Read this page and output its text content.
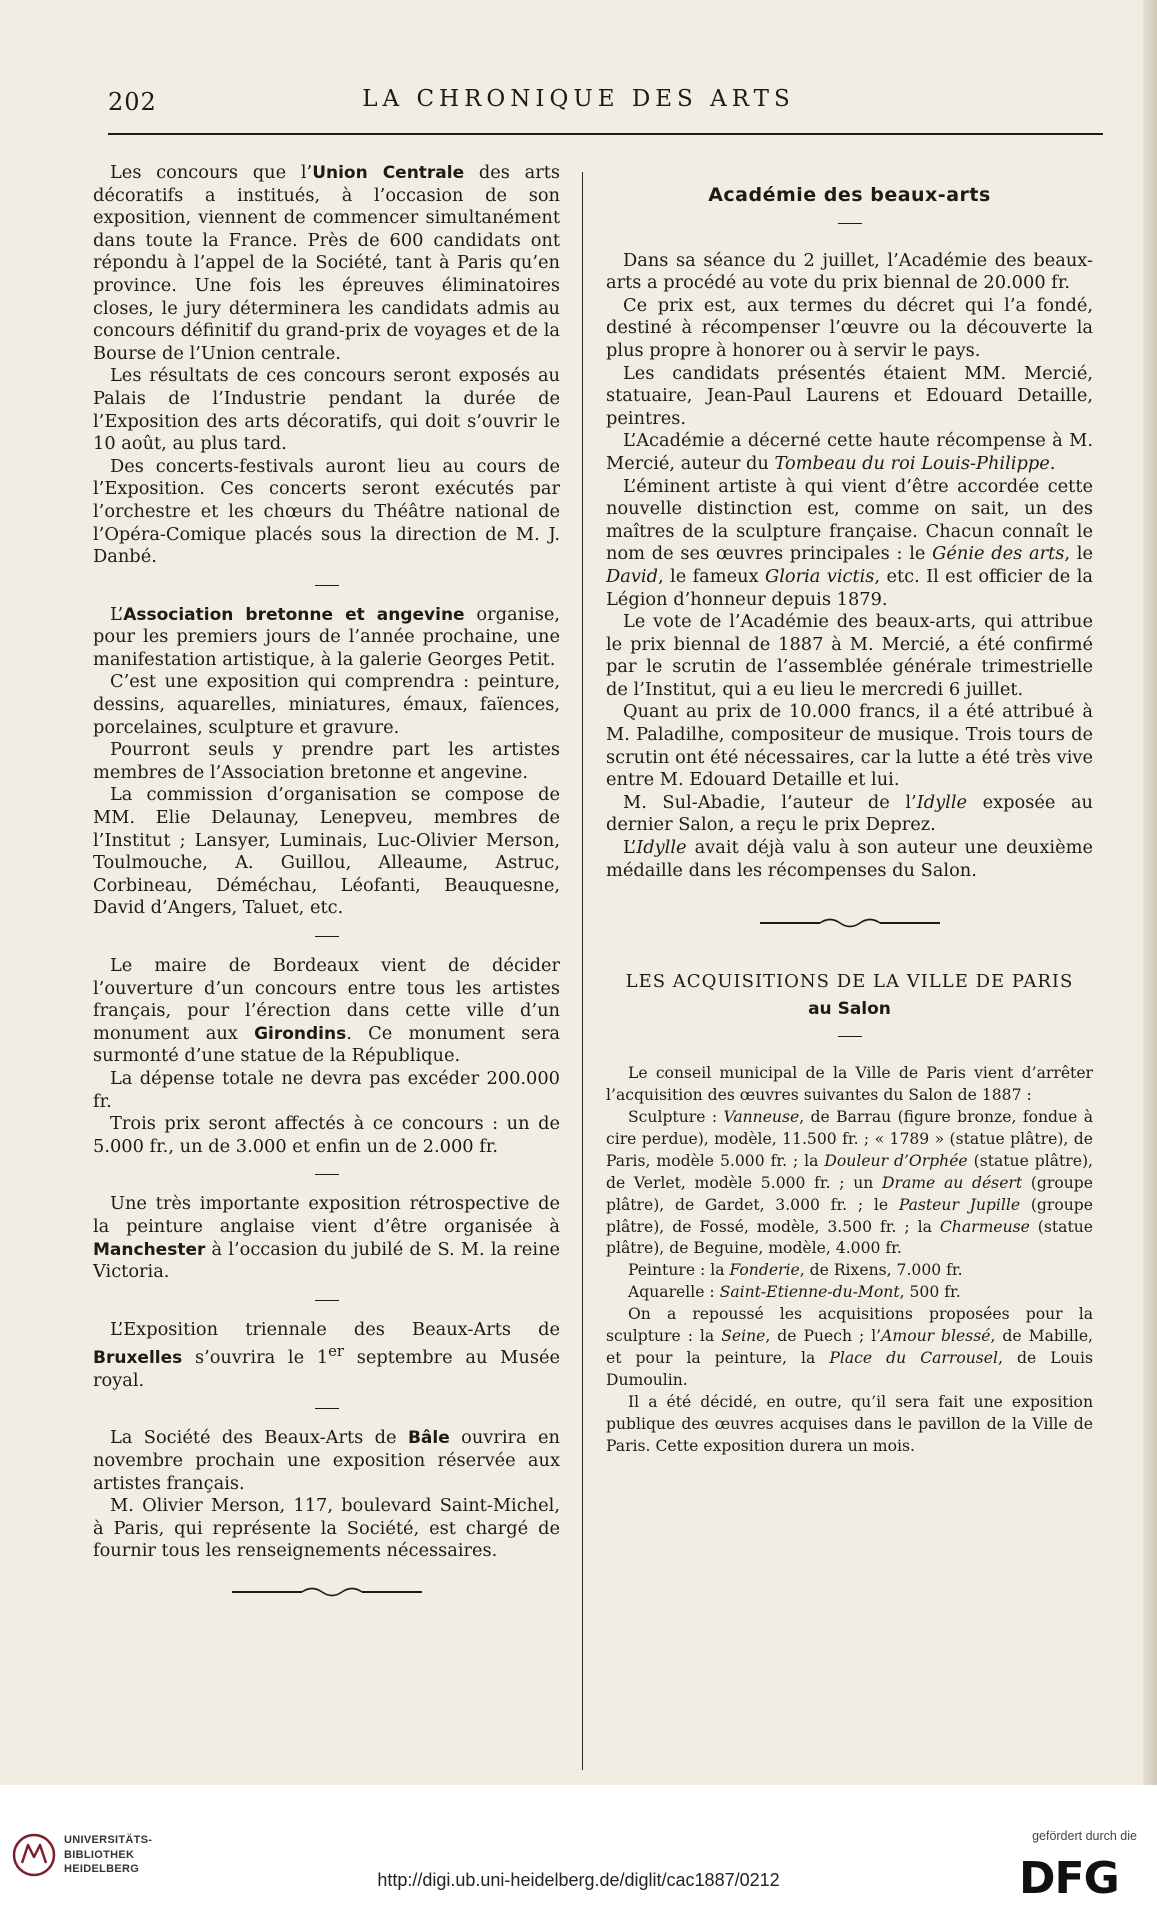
202	LA CHRONIQUE DES ARTS

Les concours que l’Union Centrale des arts décoratifs a institués, à l’occasion de son exposition, viennent de commencer simultanément dans toute la France. Près de 600 candidats ont répondu à l’appel de la Société, tant à Paris qu’en province. Une fois les épreuves éliminatoires closes, le jury déterminera les candidats admis au concours définitif du grand-prix de voyages et de la Bourse de l’Union centrale.

Les résultats de ces concours seront exposés au Palais de l’Industrie pendant la durée de l’Exposition des arts décoratifs, qui doit s’ouvrir le 10 août, au plus tard.

Des concerts-festivals auront lieu au cours de l’Exposition. Ces concerts seront exécutés par l’orchestre et les chœurs du Théâtre national de l’Opéra-Comique placés sous la direction de M. J. Danbé.

L’Association bretonne et angevine organise, pour les premiers jours de l’année prochaine, une manifestation artistique, à la galerie Georges Petit.

C’est une exposition qui comprendra : peinture, dessins, aquarelles, miniatures, émaux, faïences, porcelaines, sculpture et gravure.

Pourront seuls y prendre part les artistes membres de l’Association bretonne et angevine.

La commission d’organisation se compose de MM. Elie Delaunay, Lenepveu, membres de l’Institut ; Lansyer, Luminais, Luc-Olivier Merson, Toulmouche, A. Guillou, Alleaume, Astruc, Corbineau, Déméchau, Léofanti, Beauquesne, David d’Angers, Taluet, etc.

Le maire de Bordeaux vient de décider l’ouverture d’un concours entre tous les artistes français, pour l’érection dans cette ville d’un monument aux Girondins. Ce monument sera surmonté d’une statue de la République.

La dépense totale ne devra pas excéder 200.000 fr.

Trois prix seront affectés à ce concours : un de 5.000 fr., un de 3.000 et enfin un de 2.000 fr.

Une très importante exposition rétrospective de la peinture anglaise vient d’être organisée à Manchester à l’occasion du jubilé de S. M. la reine Victoria.

L’Exposition triennale des Beaux-Arts de Bruxelles s’ouvrira le 1er septembre au Musée royal.

La Société des Beaux-Arts de Bâle ouvrira en novembre prochain une exposition réservée aux artistes français.

M. Olivier Merson, 117, boulevard Saint-Michel, à Paris, qui représente la Société, est chargé de fournir tous les renseignements nécessaires.

Académie des beaux-arts

Dans sa séance du 2 juillet, l’Académie des beaux-arts a procédé au vote du prix biennal de 20.000 fr.

Ce prix est, aux termes du décret qui l’a fondé, destiné à récompenser l’œuvre ou la découverte la plus propre à honorer ou à servir le pays.

Les candidats présentés étaient MM. Mercié, statuaire, Jean-Paul Laurens et Edouard Detaille, peintres.

L’Académie a décerné cette haute récompense à M. Mercié, auteur du Tombeau du roi Louis-Philippe.

L’éminent artiste à qui vient d’être accordée cette nouvelle distinction est, comme on sait, un des maîtres de la sculpture française. Chacun connaît le nom de ses œuvres principales : le Génie des arts, le David, le fameux Gloria victis, etc. Il est officier de la Légion d’honneur depuis 1879.

Le vote de l’Académie des beaux-arts, qui attribue le prix biennal de 1887 à M. Mercié, a été confirmé par le scrutin de l’assemblée générale trimestrielle de l’Institut, qui a eu lieu le mercredi 6 juillet.

Quant au prix de 10.000 francs, il a été attribué à M. Paladilhe, compositeur de musique. Trois tours de scrutin ont été nécessaires, car la lutte a été très vive entre M. Edouard Detaille et lui.

M. Sul-Abadie, l’auteur de l’Idylle exposée au dernier Salon, a reçu le prix Deprez.

L’Idylle avait déjà valu à son auteur une deuxième médaille dans les récompenses du Salon.

LES ACQUISITIONS DE LA VILLE DE PARIS
au Salon

Le conseil municipal de la Ville de Paris vient d’arrêter l’acquisition des œuvres suivantes du Salon de 1887 :

Sculpture : Vanneuse, de Barrau (figure bronze, fondue à cire perdue), modèle, 11.500 fr. ; « 1789 » (statue plâtre), de Paris, modèle 5.000 fr. ; la Douleur d’Orphée (statue plâtre), de Verlet, modèle 5.000 fr. ; un Drame au désert (groupe plâtre), de Gardet, 3.000 fr. ; le Pasteur Jupille (groupe plâtre), de Fossé, modèle, 3.500 fr. ; la Charmeuse (statue plâtre), de Beguine, modèle, 4.000 fr.

Peinture : la Fonderie, de Rixens, 7.000 fr.

Aquarelle : Saint-Etienne-du-Mont, 500 fr.

On a repoussé les acquisitions proposées pour la sculpture : la Seine, de Puech ; l’Amour blessé, de Mabille, et pour la peinture, la Place du Carrousel, de Louis Dumoulin.

Il a été décidé, en outre, qu’il sera fait une exposition publique des œuvres acquises dans le pavillon de la Ville de Paris. Cette exposition durera un mois.

UNIVERSITÄTS-
BIBLIOTHEK
HEIDELBERG
http://digi.ub.uni-heidelberg.de/diglit/cac1887/0212
gefördert durch die
DFG
